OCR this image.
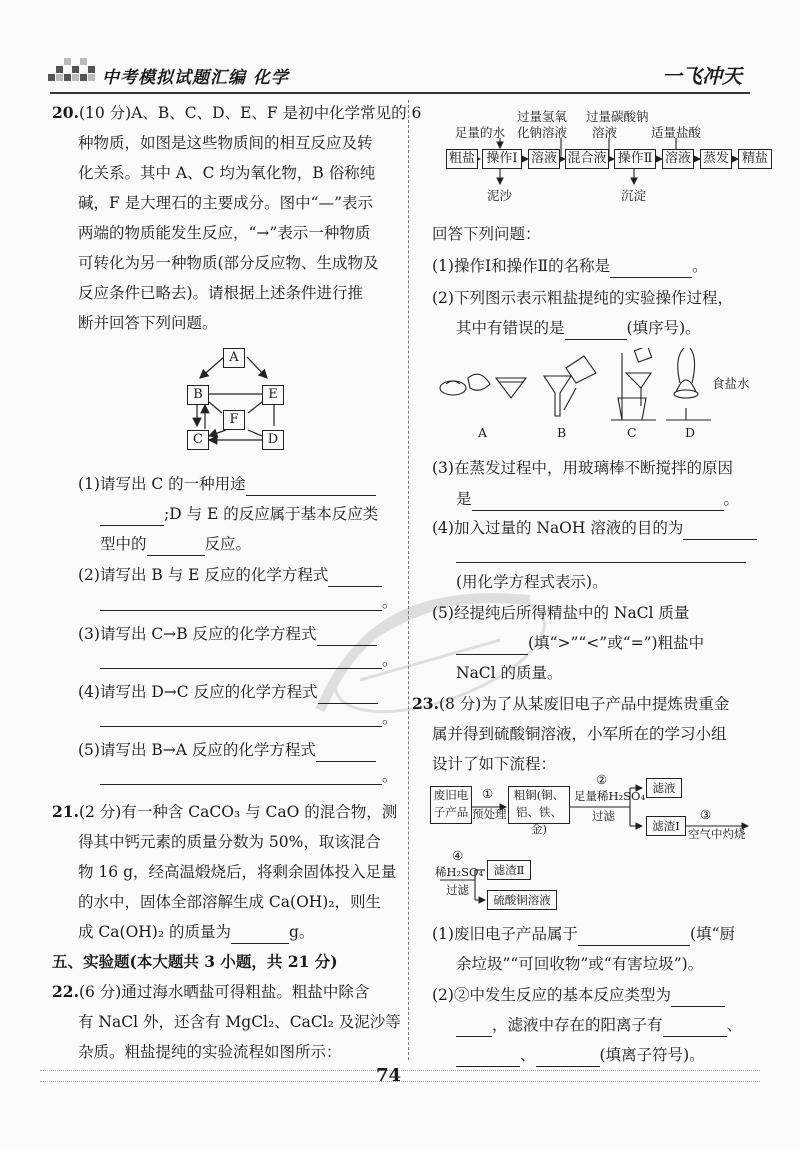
中考模拟试题汇编 化学	一飞冲天
20.(10 分)A、B、C、D、E、F 是初中化学常见的 6
种物质，如图是这些物质间的相互反应及转
化关系。其中 A、C 均为氧化物，B 俗称纯
碱，F 是大理石的主要成分。图中“—”表示
两端的物质能发生反应，“→”表示一种物质
可转化为另一种物质(部分反应物、生成物及
反应条件已略去)。请根据上述条件进行推
断并回答下列问题。
A
B	E
F
C	D
(1)请写出 C 的一种用途
;D 与 E 的反应属于基本反应类
型中的	反应。
(2)请写出 B 与 E 反应的化学方程式
。
(3)请写出 C→B 反应的化学方程式
。
(4)请写出 D→C 反应的化学方程式
。
(5)请写出 B→A 反应的化学方程式
。
21.(2 分)有一种含 CaCO₃ 与 CaO 的混合物，测
得其中钙元素的质量分数为 50%，取该混合
物 16 g，经高温煅烧后，将剩余固体投入足量
的水中，固体全部溶解生成 Ca(OH)₂，则生
成 Ca(OH)₂ 的质量为	g。
五、实验题(本大题共 3 小题，共 21 分)
22.(6 分)通过海水晒盐可得粗盐。粗盐中除含
有 NaCl 外，还含有 MgCl₂、CaCl₂ 及泥沙等
杂质。粗盐提纯的实验流程如图所示：
足量的水
过量氢氧
化钠溶液
过量碳酸钠
溶液	适量盐酸
粗盐 操作Ⅰ	溶液 混合液 操作Ⅱ 溶液 蒸发 精盐
泥沙	沉淀
回答下列问题：
(1)操作Ⅰ和操作Ⅱ的名称是	。
(2)下列图示表示粗盐提纯的实验操作过程，
其中有错误的是	(填序号)。
食盐水
A	B	C	D
(3)在蒸发过程中，用玻璃棒不断搅拌的原因
是	。
(4)加入过量的 NaOH 溶液的目的为
(用化学方程式表示)。
(5)经提纯后所得精盐中的 NaCl 质量
(填“>”“<”或“=”)粗盐中
NaCl 的质量。
23.(8 分)为了从某废旧电子产品中提炼贵重金
属并得到硫酸铜溶液，小军所在的学习小组
设计了如下流程：
废旧电
子产品
①
预处理
粗铜(铜、
铝、铁、金)
②
足量稀H₂SO₄
过滤
滤液
滤渣Ⅰ
③
空气中灼烧
④
稀H₂SO₄
过滤
滤渣Ⅱ
硫酸铜溶液
(1)废旧电子产品属于	(填“厨
余垃圾”“可回收物”或“有害垃圾”)。
(2)②中发生反应的基本反应类型为
，滤液中存在的阳离子有	、
、	(填离子符号)。
74
